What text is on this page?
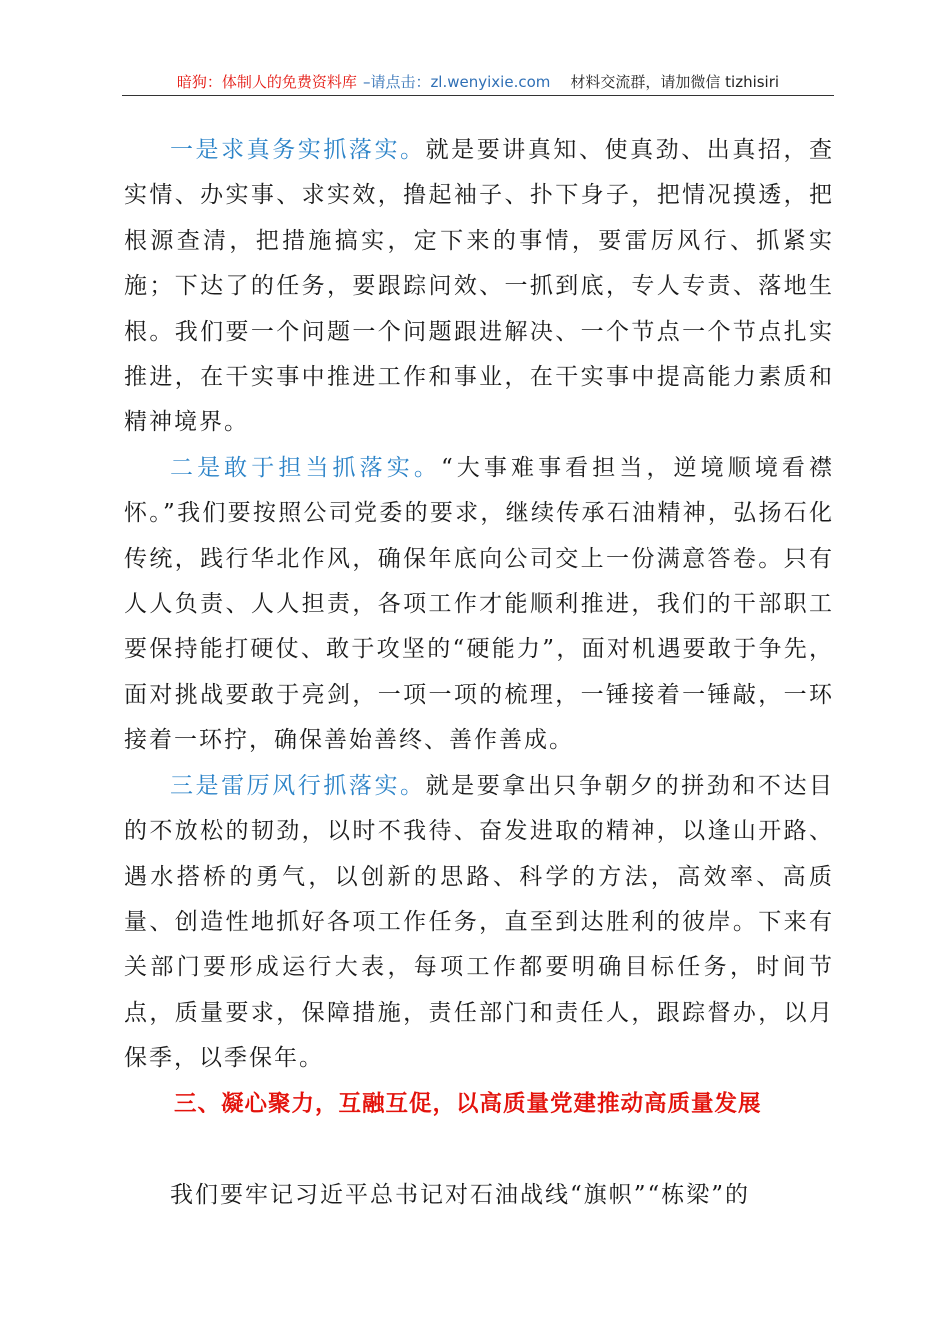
暗狗：体制人的免费资料库 –请点击：zl.wenyixie.com 材料交流群，请加微信 tizhisiri

一是求真务实抓落实。就是要讲真知、使真劲、出真招，查实情、办实事、求实效，撸起袖子、扑下身子，把情况摸透，把根源查清，把措施搞实，定下来的事情，要雷厉风行、抓紧实施；下达了的任务，要跟踪问效、一抓到底，专人专责、落地生根。我们要一个问题一个问题跟进解决、一个节点一个节点扎实推进，在干实事中推进工作和事业，在干实事中提高能力素质和精神境界。

二是敢于担当抓落实。“大事难事看担当，逆境顺境看襟怀。”我们要按照公司党委的要求，继续传承石油精神，弘扬石化传统，践行华北作风，确保年底向公司交上一份满意答卷。只有人人负责、人人担责，各项工作才能顺利推进，我们的干部职工要保持能打硬仗、敢于攻坚的“硬能力”，面对机遇要敢于争先，面对挑战要敢于亮剑，一项一项的梳理，一锤接着一锤敲，一环接着一环拧，确保善始善终、善作善成。

三是雷厉风行抓落实。就是要拿出只争朝夕的拼劲和不达目的不放松的韧劲，以时不我待、奋发进取的精神，以逢山开路、遇水搭桥的勇气，以创新的思路、科学的方法，高效率、高质量、创造性地抓好各项工作任务，直至到达胜利的彼岸。下来有关部门要形成运行大表，每项工作都要明确目标任务，时间节点，质量要求，保障措施，责任部门和责任人，跟踪督办，以月保季，以季保年。

三、凝心聚力，互融互促，以高质量党建推动高质量发展

我们要牢记习近平总书记对石油战线“旗帜”“栋梁”的
